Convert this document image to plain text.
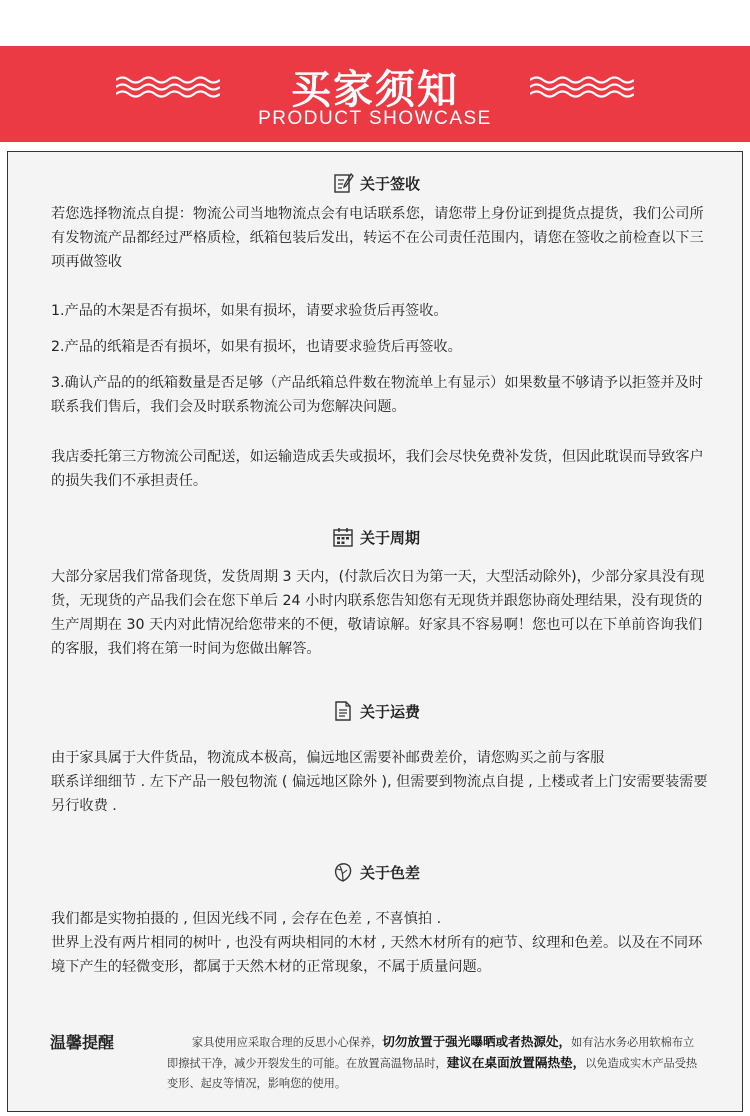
买家须知
PRODUCT SHOWCASE
关于签收
若您选择物流点自提：物流公司当地物流点会有电话联系您，请您带上身份证到提货点提货，我们公司所有发物流产品都经过严格质检，纸箱包装后发出，转运不在公司责任范围内，请您在签收之前检查以下三项再做签收
1.产品的木架是否有损坏，如果有损坏，请要求验货后再签收。
2.产品的纸箱是否有损坏，如果有损坏，也请要求验货后再签收。
3.确认产品的的纸箱数量是否足够（产品纸箱总件数在物流单上有显示）如果数量不够请予以拒签并及时联系我们售后，我们会及时联系物流公司为您解决问题。
我店委托第三方物流公司配送，如运输造成丢失或损坏，我们会尽快免费补发货，但因此耽误而导致客户的损失我们不承担责任。
关于周期
大部分家居我们常备现货，发货周期 3 天内，(付款后次日为第一天，大型活动除外)，少部分家具没有现货，无现货的产品我们会在您下单后 24 小时内联系您告知您有无现货并跟您协商处理结果，没有现货的生产周期在 30 天内对此情况给您带来的不便，敬请谅解。好家具不容易啊！您也可以在下单前咨询我们的客服，我们将在第一时间为您做出解答。
关于运费
由于家具属于大件货品，物流成本极高，偏远地区需要补邮费差价，请您购买之前与客服
联系详细细节 . 左下产品一般包物流 ( 偏远地区除外 ), 但需要到物流点自提 , 上楼或者上门安需要装需要另行收费 .
关于色差
我们都是实物拍摄的 , 但因光线不同 , 会存在色差 , 不喜慎拍 .
世界上没有两片相同的树叶 , 也没有两块相同的木材 , 天然木材所有的疤节、纹理和色差。以及在不同环境下产生的轻微变形，都属于天然木材的正常现象，不属于质量问题。
温馨提醒	家具使用应采取合理的反思小心保养，切勿放置于强光曝晒或者热源处，如有沾水务必用软棉布立即擦拭干净，减少开裂发生的可能。在放置高温物品时，建议在桌面放置隔热垫，以免造成实木产品受热变形、起皮等情况，影响您的使用。
